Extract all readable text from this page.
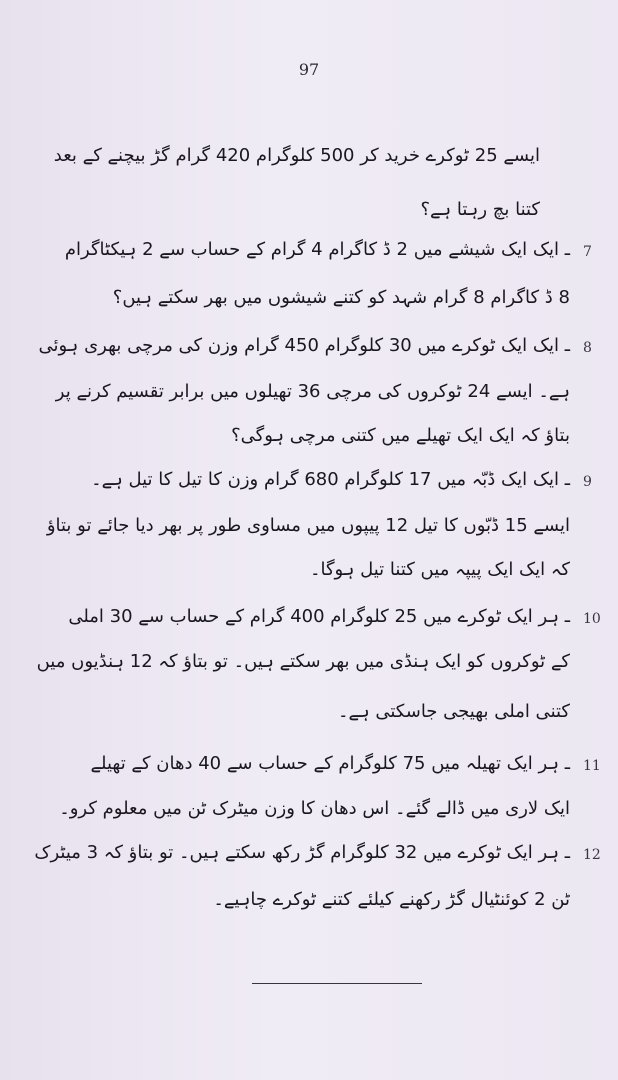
97
ایسے 25 ٹوکرے خرید کر 500 کلوگرام 420 گرام گڑ بیچنے کے بعد
کتنا بچ رہتا ہے؟
7
ـ ایک ایک شیشے میں 2 ڈ کاگرام 4 گرام کے حساب سے 2 ہیکٹاگرام
8 ڈ کاگرام 8 گرام شہد کو کتنے شیشوں میں بھر سکتے ہیں؟
8
ـ ایک ایک ٹوکرے میں 30 کلوگرام 450 گرام وزن کی مرچی بھری ہوئی
ہے۔ ایسے 24 ٹوکروں کی مرچی 36 تھیلوں میں برابر تقسیم کرنے پر
بتاؤ کہ ایک ایک تھیلے میں کتنی مرچی ہوگی؟
9
ـ ایک ایک ڈبّہ میں 17 کلوگرام 680 گرام وزن کا تیل کا تیل ہے۔
ایسے 15 ڈبّوں کا تیل 12 پیپوں میں مساوی طور پر بھر دیا جائے تو بتاؤ
کہ ایک ایک پیپہ میں کتنا تیل ہوگا۔
10
ـ ہر ایک ٹوکرے میں 25 کلوگرام 400 گرام کے حساب سے 30 املی
کے ٹوکروں کو ایک ہنڈی میں بھر سکتے ہیں۔ تو بتاؤ کہ 12 ہنڈیوں میں
کتنی املی بھیجی جاسکتی ہے۔
11
ـ ہر ایک تھیلہ میں 75 کلوگرام کے حساب سے 40 دھان کے تھیلے
ایک لاری میں ڈالے گئے۔ اس دھان کا وزن میٹرک ٹن میں معلوم کرو۔
12
ـ ہر ایک ٹوکرے میں 32 کلوگرام گڑ رکھ سکتے ہیں۔ تو بتاؤ کہ 3 میٹرک
ٹن 2 کوئنٹیال گڑ رکھنے کیلئے کتنے ٹوکرے چاہیے۔
